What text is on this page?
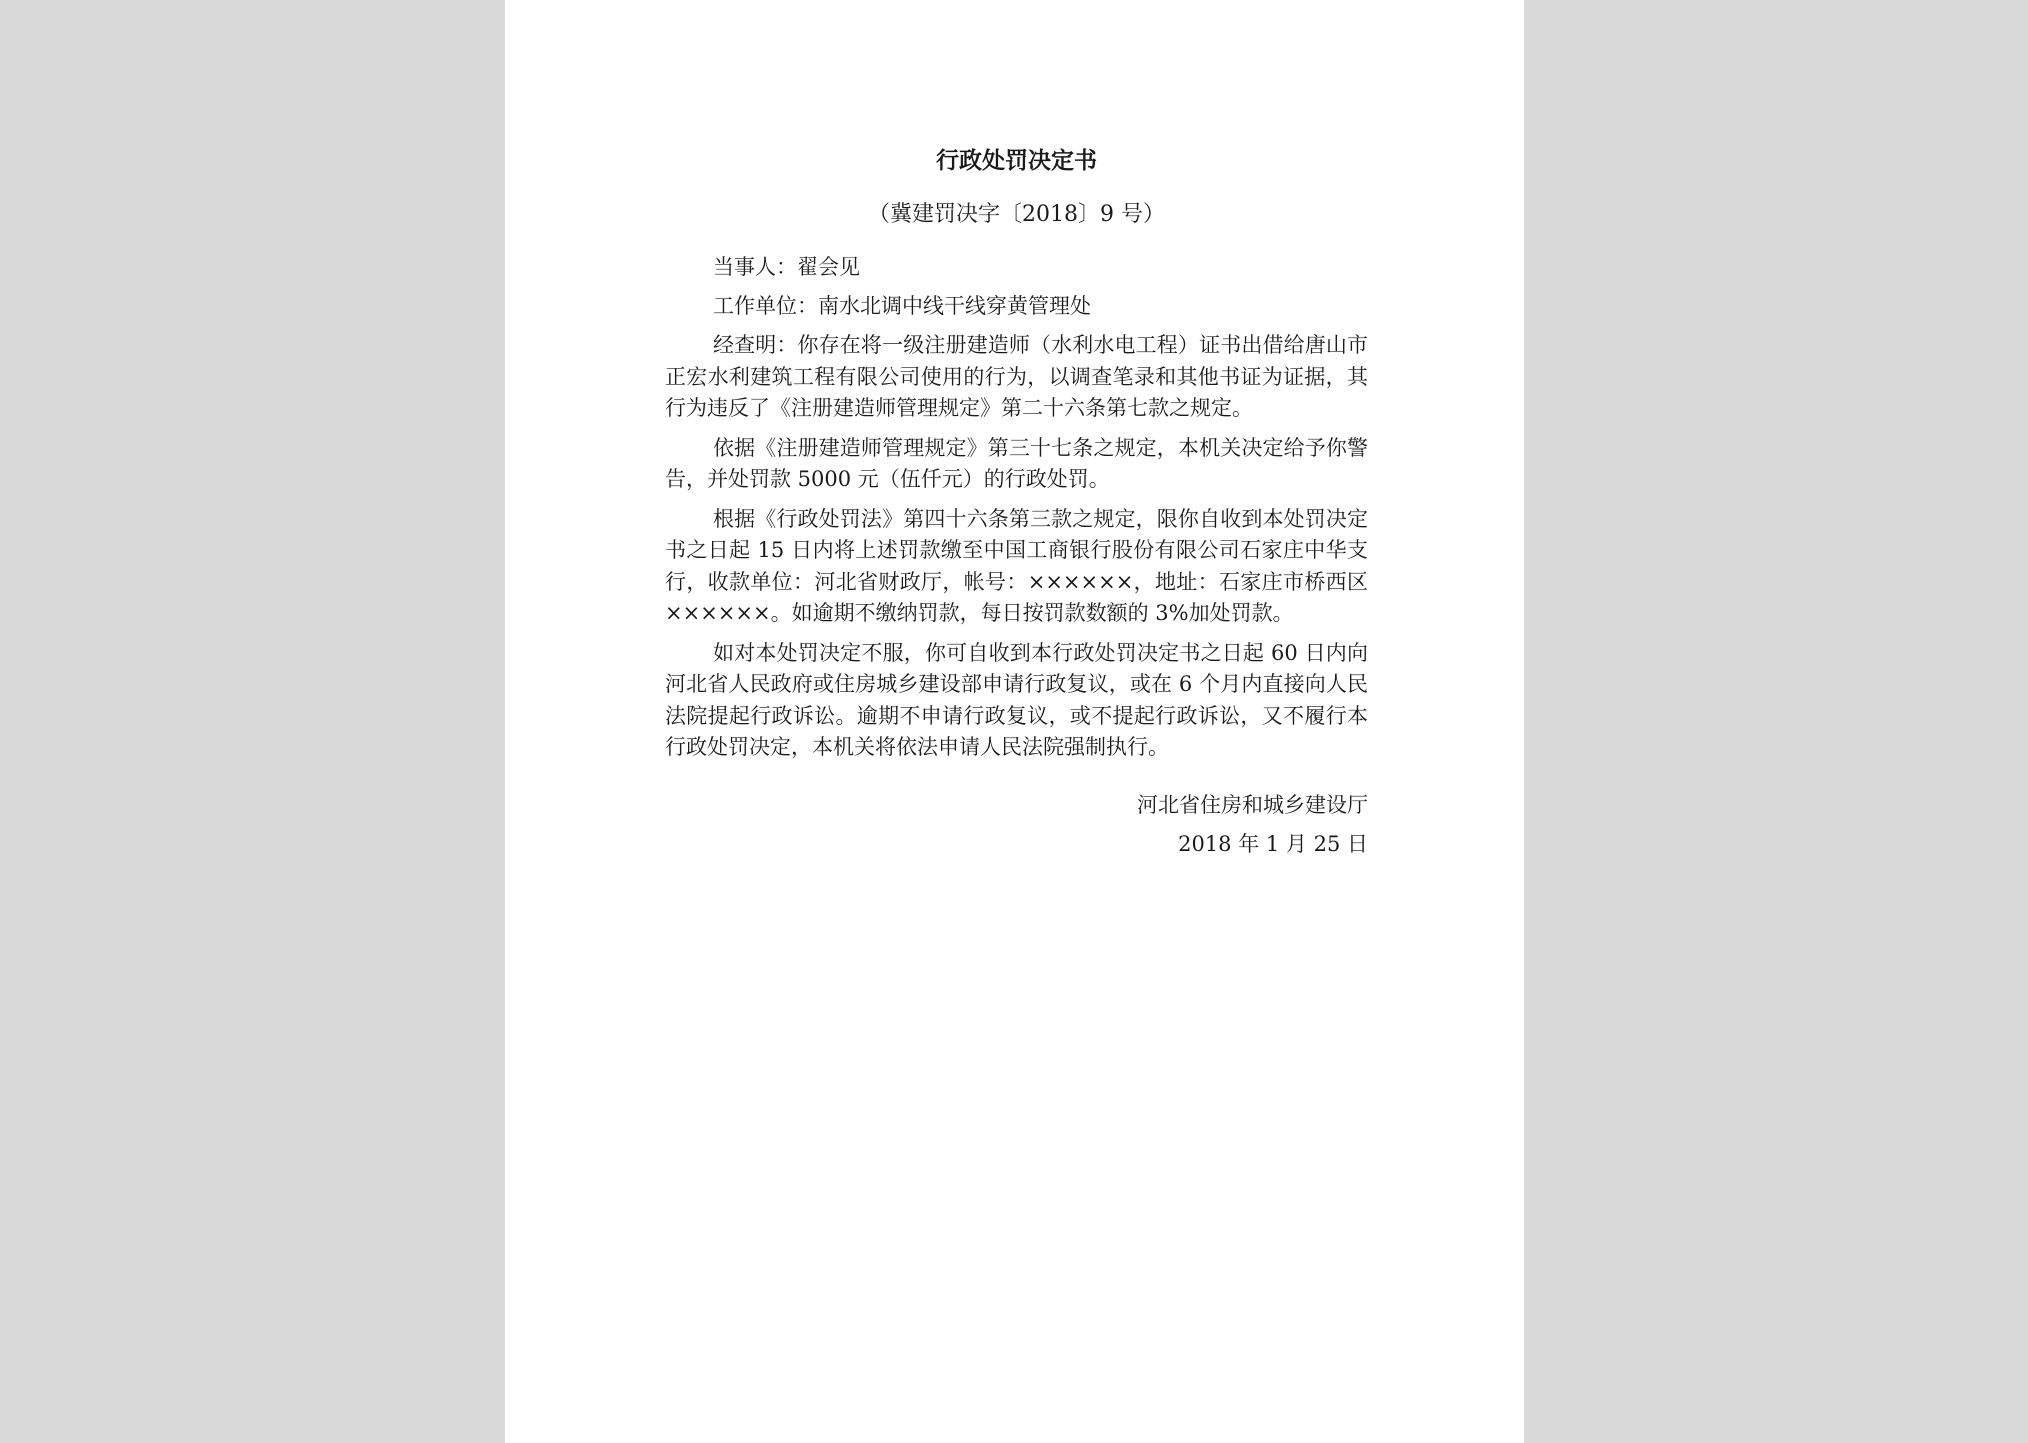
行政处罚决定书
（冀建罚决字〔2018〕9 号）
当事人：翟会见
工作单位：南水北调中线干线穿黄管理处

经查明：你存在将一级注册建造师（水利水电工程）证书出借给唐山市正宏水利建筑工程有限公司使用的行为，以调查笔录和其他书证为证据，其行为违反了《注册建造师管理规定》第二十六条第七款之规定。

依据《注册建造师管理规定》第三十七条之规定，本机关决定给予你警告，并处罚款 5000 元（伍仟元）的行政处罚。

根据《行政处罚法》第四十六条第三款之规定，限你自收到本处罚决定书之日起 15 日内将上述罚款缴至中国工商银行股份有限公司石家庄中华支行，收款单位：河北省财政厅，帐号：××××××，地址：石家庄市桥西区××××××。如逾期不缴纳罚款，每日按罚款数额的 3%加处罚款。

如对本处罚决定不服，你可自收到本行政处罚决定书之日起 60 日内向河北省人民政府或住房城乡建设部申请行政复议，或在 6 个月内直接向人民法院提起行政诉讼。逾期不申请行政复议，或不提起行政诉讼，又不履行本行政处罚决定，本机关将依法申请人民法院强制执行。

河北省住房和城乡建设厅
2018 年 1 月 25 日
